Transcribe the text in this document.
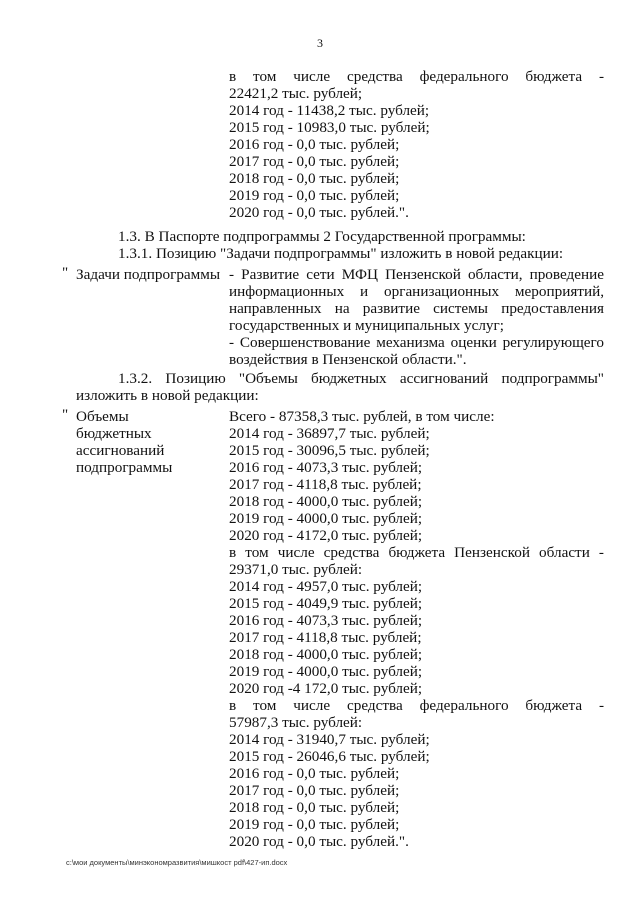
3
в том числе средства федерального бюджета -
22421,2 тыс. рублей;
2014 год - 11438,2 тыс. рублей;
2015 год - 10983,0 тыс. рублей;
2016 год - 0,0 тыс. рублей;
2017 год - 0,0 тыс. рублей;
2018 год - 0,0 тыс. рублей;
2019 год - 0,0 тыс. рублей;
2020 год - 0,0 тыс. рублей.".
1.3. В Паспорте подпрограммы 2 Государственной программы:
1.3.1. Позицию "Задачи подпрограммы" изложить в новой редакции:
" Задачи подпрограммы - Развитие сети МФЦ Пензенской области, проведение
информационных и организационных мероприятий,
направленных на развитие системы предоставления
государственных и муниципальных услуг;
- Совершенствование механизма оценки регулирующего
воздействия в Пензенской области.".
1.3.2. Позицию "Объемы бюджетных ассигнований подпрограммы"
изложить в новой редакции:
" Объемы
бюджетных
ассигнований
подпрограммы
Всего - 87358,3 тыс. рублей, в том числе:
2014 год - 36897,7 тыс. рублей;
2015 год - 30096,5 тыс. рублей;
2016 год - 4073,3 тыс. рублей;
2017 год - 4118,8 тыс. рублей;
2018 год - 4000,0 тыс. рублей;
2019 год - 4000,0 тыс. рублей;
2020 год - 4172,0 тыс. рублей;
в том числе средства бюджета Пензенской области -
29371,0 тыс. рублей:
2014 год - 4957,0 тыс. рублей;
2015 год - 4049,9 тыс. рублей;
2016 год - 4073,3 тыс. рублей;
2017 год - 4118,8 тыс. рублей;
2018 год - 4000,0 тыс. рублей;
2019 год - 4000,0 тыс. рублей;
2020 год -4 172,0 тыс. рублей;
в том числе средства федерального бюджета -
57987,3 тыс. рублей:
2014 год - 31940,7 тыс. рублей;
2015 год - 26046,6 тыс. рублей;
2016 год - 0,0 тыс. рублей;
2017 год - 0,0 тыс. рублей;
2018 год - 0,0 тыс. рублей;
2019 год - 0,0 тыс. рублей;
2020 год - 0,0 тыс. рублей.".
c:\мои документы\минэкономразвития\мишкост pdf\427-ип.docx
